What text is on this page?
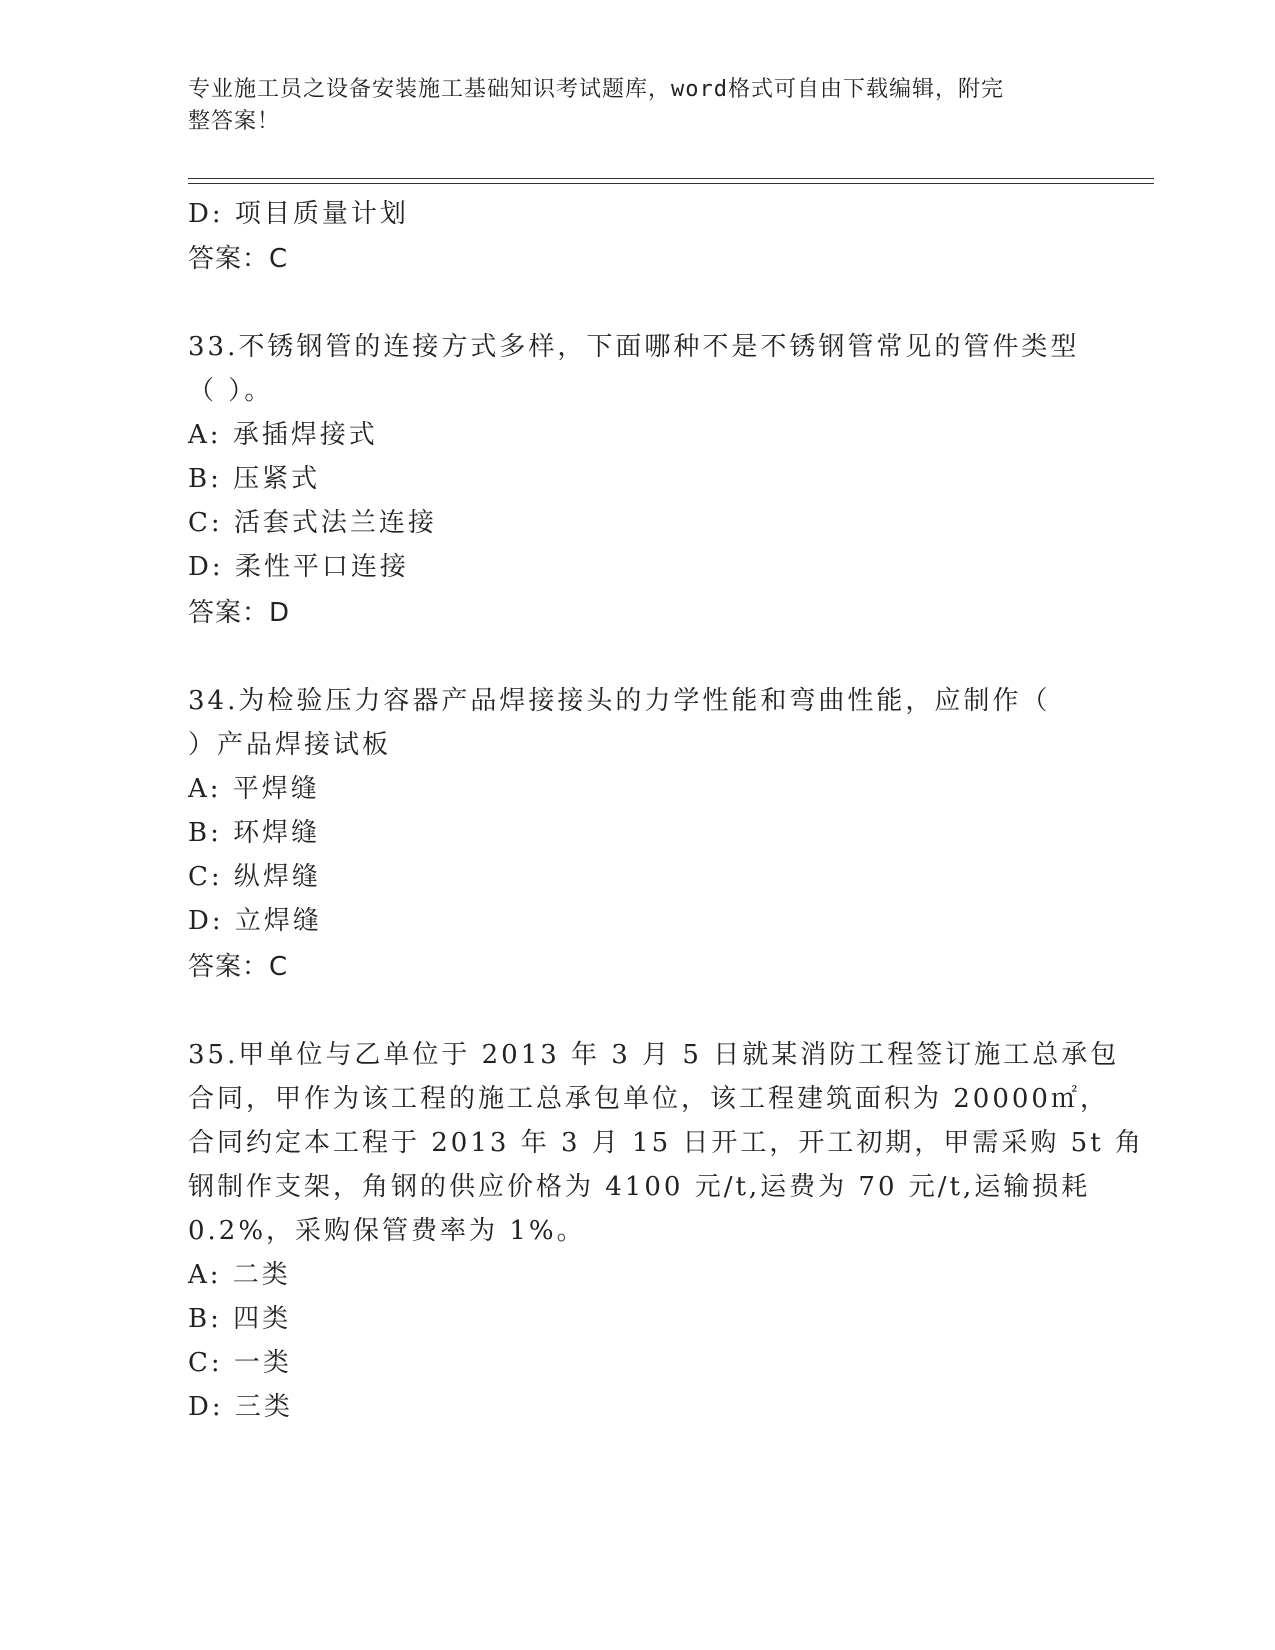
专业施工员之设备安装施工基础知识考试题库，word格式可自由下载编辑，附完
整答案！
D: 项目质量计划
答案：C
33.不锈钢管的连接方式多样，下面哪种不是不锈钢管常见的管件类型
（ ）。
A: 承插焊接式
B: 压紧式
C: 活套式法兰连接
D: 柔性平口连接
答案：D
34.为检验压力容器产品焊接接头的力学性能和弯曲性能，应制作（
）产品焊接试板
A: 平焊缝
B: 环焊缝
C: 纵焊缝
D: 立焊缝
答案：C
35.甲单位与乙单位于 2013 年 3 月 5 日就某消防工程签订施工总承包
合同，甲作为该工程的施工总承包单位，该工程建筑面积为 20000㎡，
合同约定本工程于 2013 年 3 月 15 日开工，开工初期，甲需采购 5t 角
钢制作支架，角钢的供应价格为 4100 元/t,运费为 70 元/t,运输损耗
0.2%，采购保管费率为 1%。
A: 二类
B: 四类
C: 一类
D: 三类
